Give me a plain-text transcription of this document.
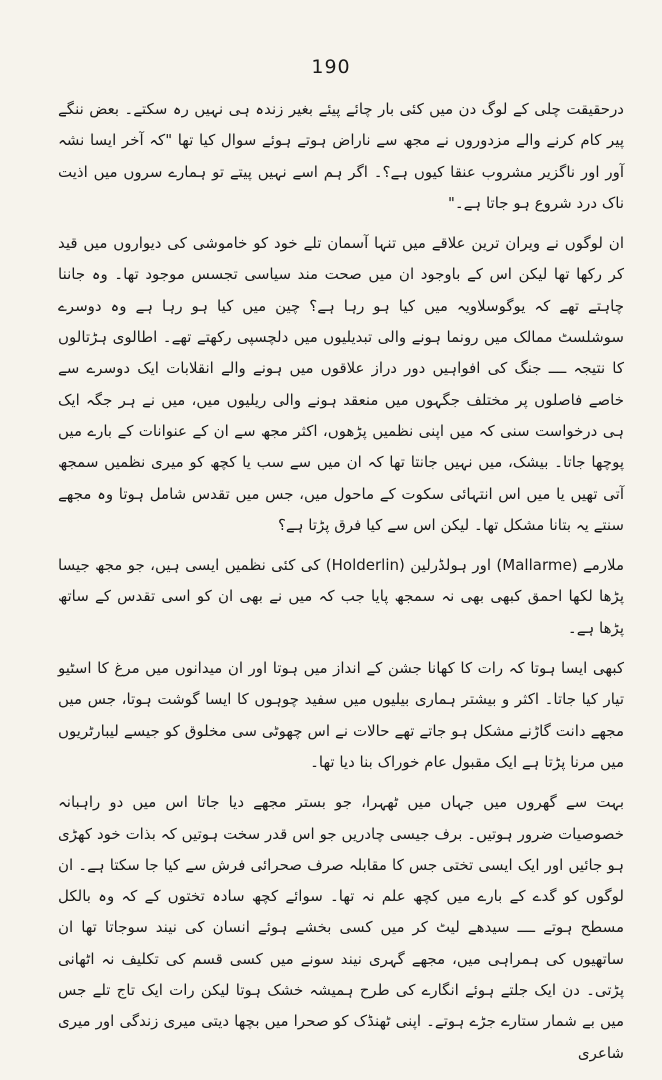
190

درحقیقت چلی کے لوگ دن میں کئی بار چائے پیئے بغیر زندہ ہی نہیں رہ سکتے۔ بعض ننگے پیر کام کرنے والے مزدوروں نے مجھ سے ناراض ہوتے ہوئے سوال کیا تھا "کہ آخر ایسا نشہ آور اور ناگزیر مشروب عنقا کیوں ہے؟۔ اگر ہم اسے نہیں پیتے تو ہمارے سروں میں اذیت ناک درد شروع ہو جاتا ہے۔"

ان لوگوں نے ویران ترین علاقے میں تنہا آسمان تلے خود کو خاموشی کی دیواروں میں قید کر رکھا تھا لیکن اس کے باوجود ان میں صحت مند سیاسی تجسس موجود تھا۔ وہ جاننا چاہتے تھے کہ یوگوسلاویہ میں کیا ہو رہا ہے؟ چین میں کیا ہو رہا ہے وہ دوسرے سوشلسٹ ممالک میں رونما ہونے والی تبدیلیوں میں دلچسپی رکھتے تھے۔ اطالوی ہڑتالوں کا نتیجہ ــــ جنگ کی افواہیں دور دراز علاقوں میں ہونے والے انقلابات ایک دوسرے سے خاصے فاصلوں پر مختلف جگہوں میں منعقد ہونے والی ریلیوں میں، میں نے ہر جگہ ایک ہی درخواست سنی کہ میں اپنی نظمیں پڑھوں، اکثر مجھ سے ان کے عنوانات کے بارے میں پوچھا جاتا۔ بیشک، میں نہیں جانتا تھا کہ ان میں سے سب یا کچھ کو میری نظمیں سمجھ آتی تھیں یا میں اس انتہائی سکوت کے ماحول میں، جس میں تقدس شامل ہوتا وہ مجھے سنتے یہ بتانا مشکل تھا۔ لیکن اس سے کیا فرق پڑتا ہے؟

ملارمے (Mallarme) اور ہولڈرلین (Holderlin) کی کئی نظمیں ایسی ہیں، جو مجھ جیسا پڑھا لکھا احمق کبھی بھی نہ سمجھ پایا جب کہ میں نے بھی ان کو اسی تقدس کے ساتھ پڑھا ہے۔

کبھی ایسا ہوتا کہ رات کا کھانا جشن کے انداز میں ہوتا اور ان میدانوں میں مرغ کا اسٹیو تیار کیا جاتا۔ اکثر و بیشتر ہماری بیلیوں میں سفید چوہوں کا ایسا گوشت ہوتا، جس میں مجھے دانت گاڑنے مشکل ہو جاتے تھے حالات نے اس چھوٹی سی مخلوق کو جیسے لیبارٹریوں میں مرنا پڑتا ہے ایک مقبول عام خوراک بنا دیا تھا۔

بہت سے گھروں میں جہاں میں ٹھہرا، جو بستر مجھے دیا جاتا اس میں دو راہبانہ خصوصیات ضرور ہوتیں۔ برف جیسی چادریں جو اس قدر سخت ہوتیں کہ بذات خود کھڑی ہو جائیں اور ایک ایسی تختی جس کا مقابلہ صرف صحرائی فرش سے کیا جا سکتا ہے۔ ان لوگوں کو گدے کے بارے میں کچھ علم نہ تھا۔ سوائے کچھ سادہ تختوں کے کہ وہ بالکل مسطح ہوتے ــــ سیدھے لیٹ کر میں کسی بخشے ہوئے انسان کی نیند سوجاتا تھا ان ساتھیوں کی ہمراہی میں، مجھے گہری نیند سونے میں کسی قسم کی تکلیف نہ اٹھانی پڑتی۔ دن ایک جلتے ہوئے انگارے کی طرح ہمیشہ خشک ہوتا لیکن رات ایک تاج تلے جس میں بے شمار ستارے جڑے ہوتے۔ اپنی ٹھنڈک کو صحرا میں بچھا دیتی میری زندگی اور میری شاعری
